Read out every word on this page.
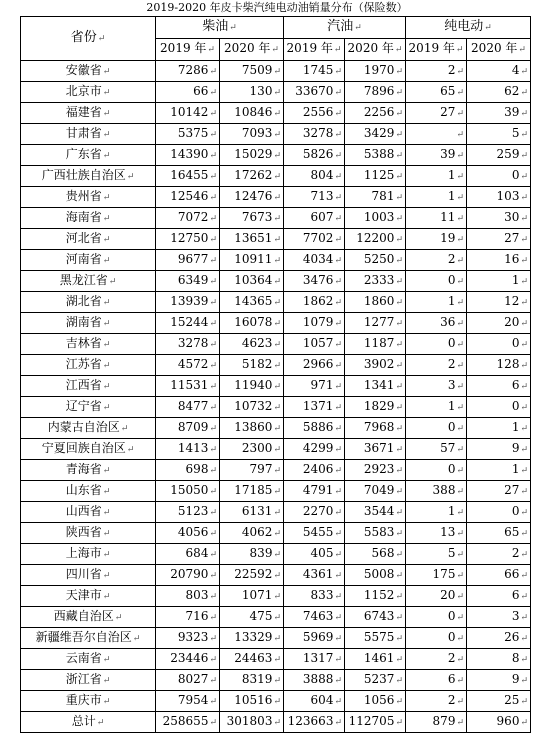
2019-2020 年皮卡柴汽纯电动油销量分布（保险数）
省份↵	柴油↵		汽油↵		纯电动↵	
	2019 年↵	2020 年↵	2019 年↵	2020 年↵	2019 年↵	2020 年↵
安徽省↵	7286↵	7509↵	1745↵	1970↵	2↵	4↵
北京市↵	66↵	130↵	33670↵	7896↵	65↵	62↵
福建省↵	10142↵	10846↵	2556↵	2256↵	27↵	39↵
甘肃省↵	5375↵	7093↵	3278↵	3429↵	↵	5↵
广东省↵	14390↵	15029↵	5826↵	5388↵	39↵	259↵
广西壮族自治区↵	16455↵	17262↵	804↵	1125↵	1↵	0↵
贵州省↵	12546↵	12476↵	713↵	781↵	1↵	103↵
海南省↵	7072↵	7673↵	607↵	1003↵	11↵	30↵
河北省↵	12750↵	13651↵	7702↵	12200↵	19↵	27↵
河南省↵	9677↵	10911↵	4034↵	5250↵	2↵	16↵
黑龙江省↵	6349↵	10364↵	3476↵	2333↵	0↵	1↵
湖北省↵	13939↵	14365↵	1862↵	1860↵	1↵	12↵
湖南省↵	15244↵	16078↵	1079↵	1277↵	36↵	20↵
吉林省↵	3278↵	4623↵	1057↵	1187↵	0↵	0↵
江苏省↵	4572↵	5182↵	2966↵	3902↵	2↵	128↵
江西省↵	11531↵	11940↵	971↵	1341↵	3↵	6↵
辽宁省↵	8477↵	10732↵	1371↵	1829↵	1↵	0↵
内蒙古自治区↵	8709↵	13860↵	5886↵	7968↵	0↵	1↵
宁夏回族自治区↵	1413↵	2300↵	4299↵	3671↵	57↵	9↵
青海省↵	698↵	797↵	2406↵	2923↵	0↵	1↵
山东省↵	15050↵	17185↵	4791↵	7049↵	388↵	27↵
山西省↵	5123↵	6131↵	2270↵	3544↵	1↵	0↵
陕西省↵	4056↵	4062↵	5455↵	5583↵	13↵	65↵
上海市↵	684↵	839↵	405↵	568↵	5↵	2↵
四川省↵	20790↵	22592↵	4361↵	5008↵	175↵	66↵
天津市↵	803↵	1071↵	833↵	1152↵	20↵	6↵
西藏自治区↵	716↵	475↵	7463↵	6743↵	0↵	3↵
新疆维吾尔自治区↵	9323↵	13329↵	5969↵	5575↵	0↵	26↵
云南省↵	23446↵	24463↵	1317↵	1461↵	2↵	8↵
浙江省↵	8027↵	8319↵	3888↵	5237↵	6↵	9↵
重庆市↵	7954↵	10516↵	604↵	1056↵	2↵	25↵
总计↵	258655↵	301803↵	123663↵	112705↵	879↵	960↵
